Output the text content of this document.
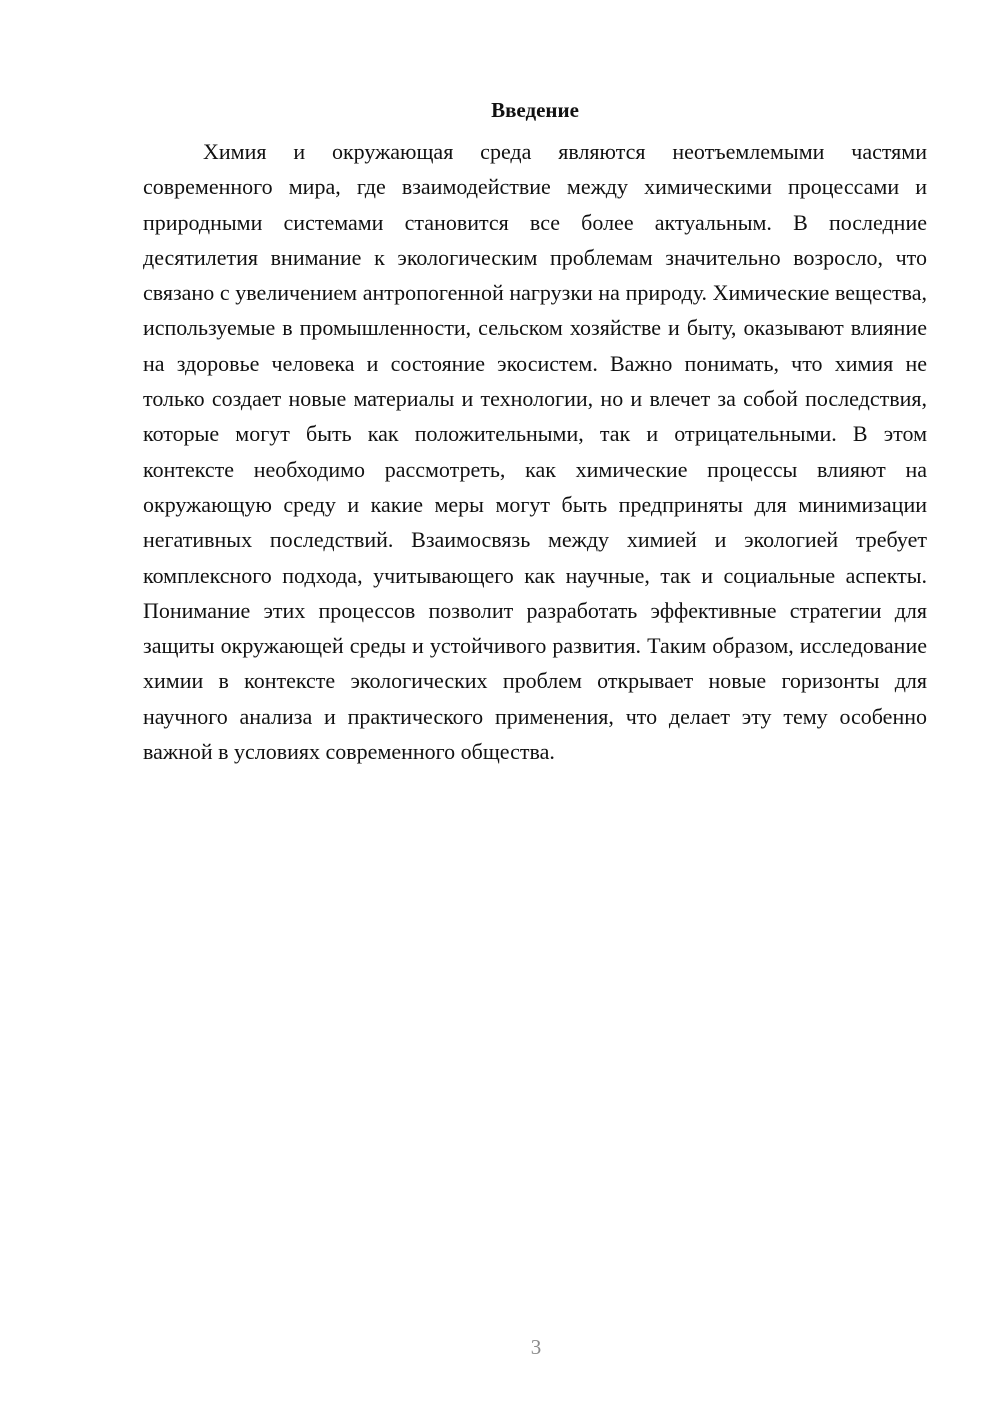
Введение

Химия и окружающая среда являются неотъемлемыми частями современного мира, где взаимодействие между химическими процессами и природными системами становится все более актуальным. В последние десятилетия внимание к экологическим проблемам значительно возросло, что связано с увеличением антропогенной нагрузки на природу. Химические вещества, используемые в промышленности, сельском хозяйстве и быту, оказывают влияние на здоровье человека и состояние экосистем. Важно понимать, что химия не только создает новые материалы и технологии, но и влечет за собой последствия, которые могут быть как положительными, так и отрицательными. В этом контексте необходимо рассмотреть, как химические процессы влияют на окружающую среду и какие меры могут быть предприняты для минимизации негативных последствий. Взаимосвязь между химией и экологией требует комплексного подхода, учитывающего как научные, так и социальные аспекты. Понимание этих процессов позволит разработать эффективные стратегии для защиты окружающей среды и устойчивого развития. Таким образом, исследование химии в контексте экологических проблем открывает новые горизонты для научного анализа и практического применения, что делает эту тему особенно важной в условиях современного общества.

3
